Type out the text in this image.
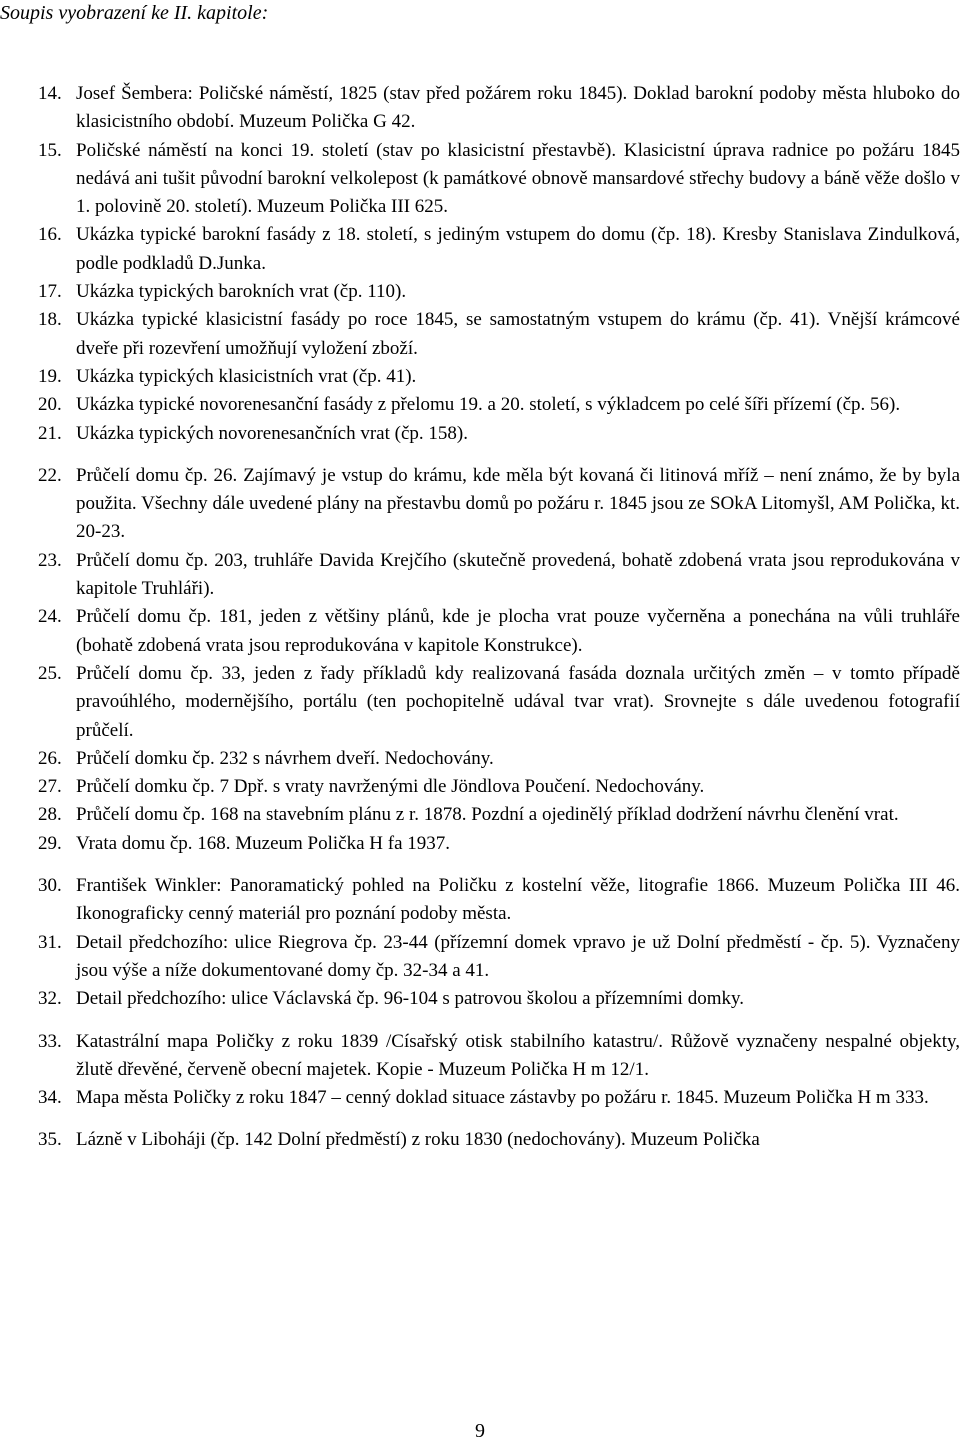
Soupis vyobrazení ke II. kapitole:
14. Josef Šembera: Poličské náměstí, 1825 (stav před požárem roku 1845). Doklad barokní podoby města hluboko do klasicistního období. Muzeum Polička G 42.
15. Poličské náměstí na konci 19. století (stav po klasicistní přestavbě). Klasicistní úprava radnice po požáru 1845 nedává ani tušit původní barokní velkolepost (k památkové obnově mansardové střechy budovy a báně věže došlo v 1. polovině 20. století). Muzeum Polička III 625.
16. Ukázka typické barokní fasády z 18. století, s jediným vstupem do domu (čp. 18). Kresby Stanislava Zindulková, podle podkladů D.Junka.
17. Ukázka typických barokních vrat (čp. 110).
18. Ukázka typické klasicistní fasády po roce 1845, se samostatným vstupem do krámu (čp. 41). Vnější krámcové dveře při rozevření umožňují vyložení zboží.
19. Ukázka typických klasicistních vrat (čp. 41).
20. Ukázka typické novorenesanční fasády z přelomu 19. a 20. století, s výkladcem po celé šíři přízemí (čp. 56).
21. Ukázka typických novorenesančních vrat (čp. 158).
22. Průčelí domu čp. 26. Zajímavý je vstup do krámu, kde měla být kovaná či litinová mříž – není známo, že by byla použita. Všechny dále uvedené plány na přestavbu domů po požáru r. 1845 jsou ze SOkA Litomyšl, AM Polička, kt. 20-23.
23. Průčelí domu čp. 203, truhláře Davida Krejčího (skutečně provedená, bohatě zdobená vrata jsou reprodukována v kapitole Truhláři).
24. Průčelí domu čp. 181, jeden z většiny plánů, kde je plocha vrat pouze vyčerněna a ponechána na vůli truhláře (bohatě zdobená vrata jsou reprodukována v kapitole Konstrukce).
25. Průčelí domu čp. 33, jeden z řady příkladů kdy realizovaná fasáda doznala určitých změn – v tomto případě pravoúhlého, modernějšího, portálu (ten pochopitelně udával tvar vrat). Srovnejte s dále uvedenou fotografií průčelí.
26. Průčelí domku čp. 232 s návrhem dveří. Nedochovány.
27. Průčelí domku čp. 7 Dpř. s vraty navrženými dle Jöndlova Poučení. Nedochovány.
28. Průčelí domu čp. 168 na stavebním plánu z r. 1878. Pozdní a ojedinělý příklad dodržení návrhu členění vrat.
29. Vrata domu čp. 168. Muzeum Polička H fa 1937.
30. František Winkler: Panoramatický pohled na Poličku z kostelní věže, litografie 1866. Muzeum Polička III 46. Ikonograficky cenný materiál pro poznání podoby města.
31. Detail předchozího: ulice Riegrova čp. 23-44 (přízemní domek vpravo je už Dolní předměstí - čp. 5). Vyznačeny jsou výše a níže dokumentované domy čp. 32-34 a 41.
32. Detail předchozího: ulice Václavská čp. 96-104 s patrovou školou a přízemními domky.
33. Katastrální mapa Poličky z roku 1839 /Císařský otisk stabilního katastru/. Růžově vyznačeny nespalné objekty, žlutě dřevěné, červeně obecní majetek. Kopie - Muzeum Polička H m 12/1.
34. Mapa města Poličky z roku 1847 – cenný doklad situace zástavby po požáru r. 1845. Muzeum Polička H m 333.
35. Lázně v Liboháji (čp. 142 Dolní předměstí) z roku 1830 (nedochovány). Muzeum Polička
9
